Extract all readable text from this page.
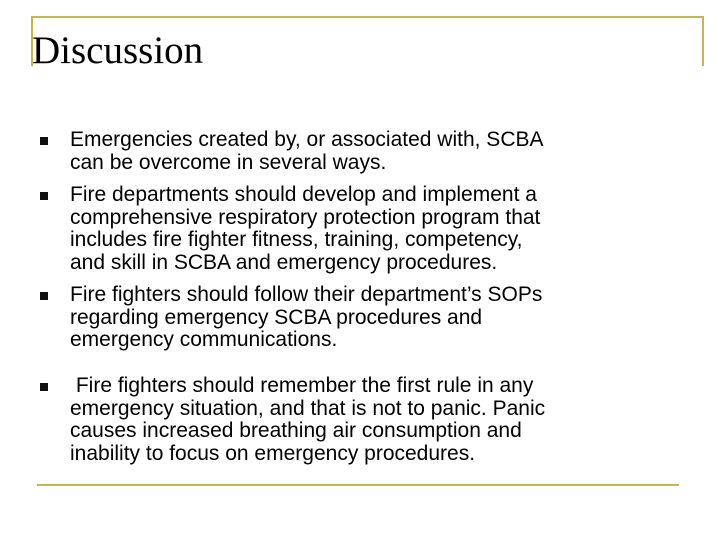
Discussion
Emergencies created by, or associated with, SCBA
can be overcome in several ways.
Fire departments should develop and implement a
comprehensive respiratory protection program that
includes fire fighter fitness, training, competency,
and skill in SCBA and emergency procedures.
Fire fighters should follow their department’s SOPs
regarding emergency SCBA procedures and
emergency communications.
Fire fighters should remember the first rule in any
emergency situation, and that is not to panic. Panic
causes increased breathing air consumption and
inability to focus on emergency procedures.
